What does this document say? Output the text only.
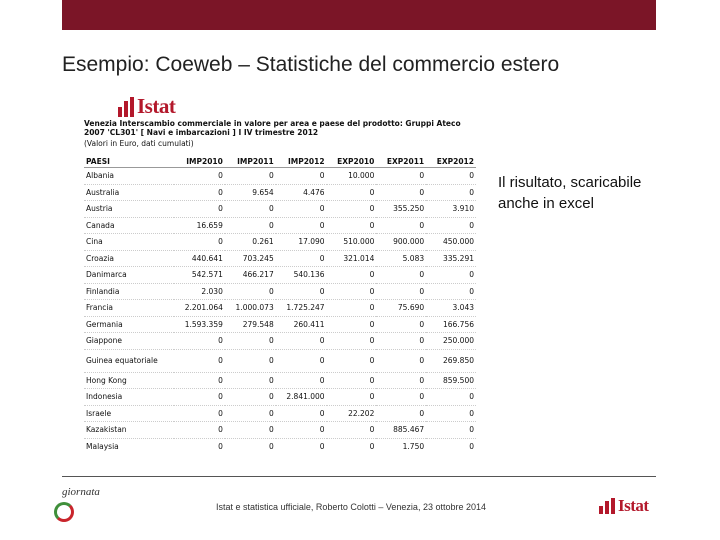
Esempio: Coeweb – Statistiche del commercio estero
Istat
Venezia Interscambio commerciale in valore per area e paese del prodotto: Gruppi Ateco 2007 'CL301' [ Navi e imbarcazioni ] I IV trimestre 2012
(Valori in Euro, dati cumulati)
PAESI	IMP2010	IMP2011	IMP2012	EXP2010	EXP2011	EXP2012
Albania	0	0	0	10.000	0	0
Australia	0	9.654	4.476	0	0	0
Austria	0	0	0	0	355.250	3.910
Canada	16.659	0	0	0	0	0
Cina	0	0.261	17.090	510.000	900.000	450.000
Croazia	440.641	703.245	0	321.014	5.083	335.291
Danimarca	542.571	466.217	540.136	0	0	0
Finlandia	2.030	0	0	0	0	0
Francia	2.201.064	1.000.073	1.725.247	0	75.690	3.043
Germania	1.593.359	279.548	260.411	0	0	166.756
Giappone	0	0	0	0	0	250.000
Guinea equatoriale	0	0	0	0	0	269.850
Hong Kong	0	0	0	0	0	859.500
Indonesia	0	0	2.841.000	0	0	0
Israele	0	0	0	22.202	0	0
Kazakistan	0	0	0	0	885.467	0
Malaysia	0	0	0	0	1.750	0
Il risultato, scaricabile anche in excel
giornata
Istat e statistica ufficiale, Roberto Colotti – Venezia, 23 ottobre 2014	Istat
